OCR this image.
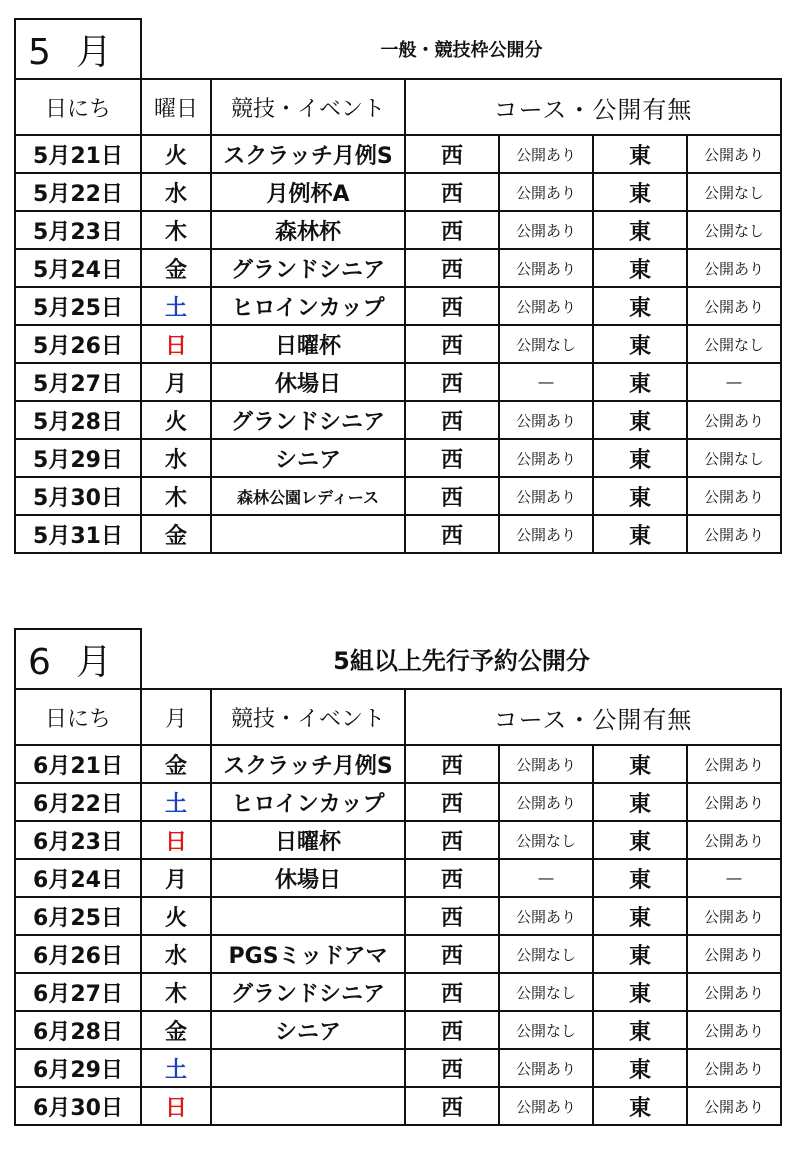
5 月	一般・競技枠公開分					
日にち	曜日	競技・イベント	コース・公開有無			
5月21日	火	スクラッチ月例S	西	公開あり	東	公開あり
5月22日	水	月例杯A	西	公開あり	東	公開なし
5月23日	木	森林杯	西	公開あり	東	公開なし
5月24日	金	グランドシニア	西	公開あり	東	公開あり
5月25日	土	ヒロインカップ	西	公開あり	東	公開あり
5月26日	日	日曜杯	西	公開なし	東	公開なし
5月27日	月	休場日	西	―	東	―
5月28日	火	グランドシニア	西	公開あり	東	公開あり
5月29日	水	シニア	西	公開あり	東	公開なし
5月30日	木	森林公園レディース	西	公開あり	東	公開あり
5月31日	金		西	公開あり	東	公開あり
6 月	5組以上先行予約公開分					
日にち	月	競技・イベント	コース・公開有無			
6月21日	金	スクラッチ月例S	西	公開あり	東	公開あり
6月22日	土	ヒロインカップ	西	公開あり	東	公開あり
6月23日	日	日曜杯	西	公開なし	東	公開あり
6月24日	月	休場日	西	―	東	―
6月25日	火		西	公開あり	東	公開あり
6月26日	水	PGSミッドアマ	西	公開なし	東	公開あり
6月27日	木	グランドシニア	西	公開なし	東	公開あり
6月28日	金	シニア	西	公開なし	東	公開あり
6月29日	土		西	公開あり	東	公開あり
6月30日	日		西	公開あり	東	公開あり
